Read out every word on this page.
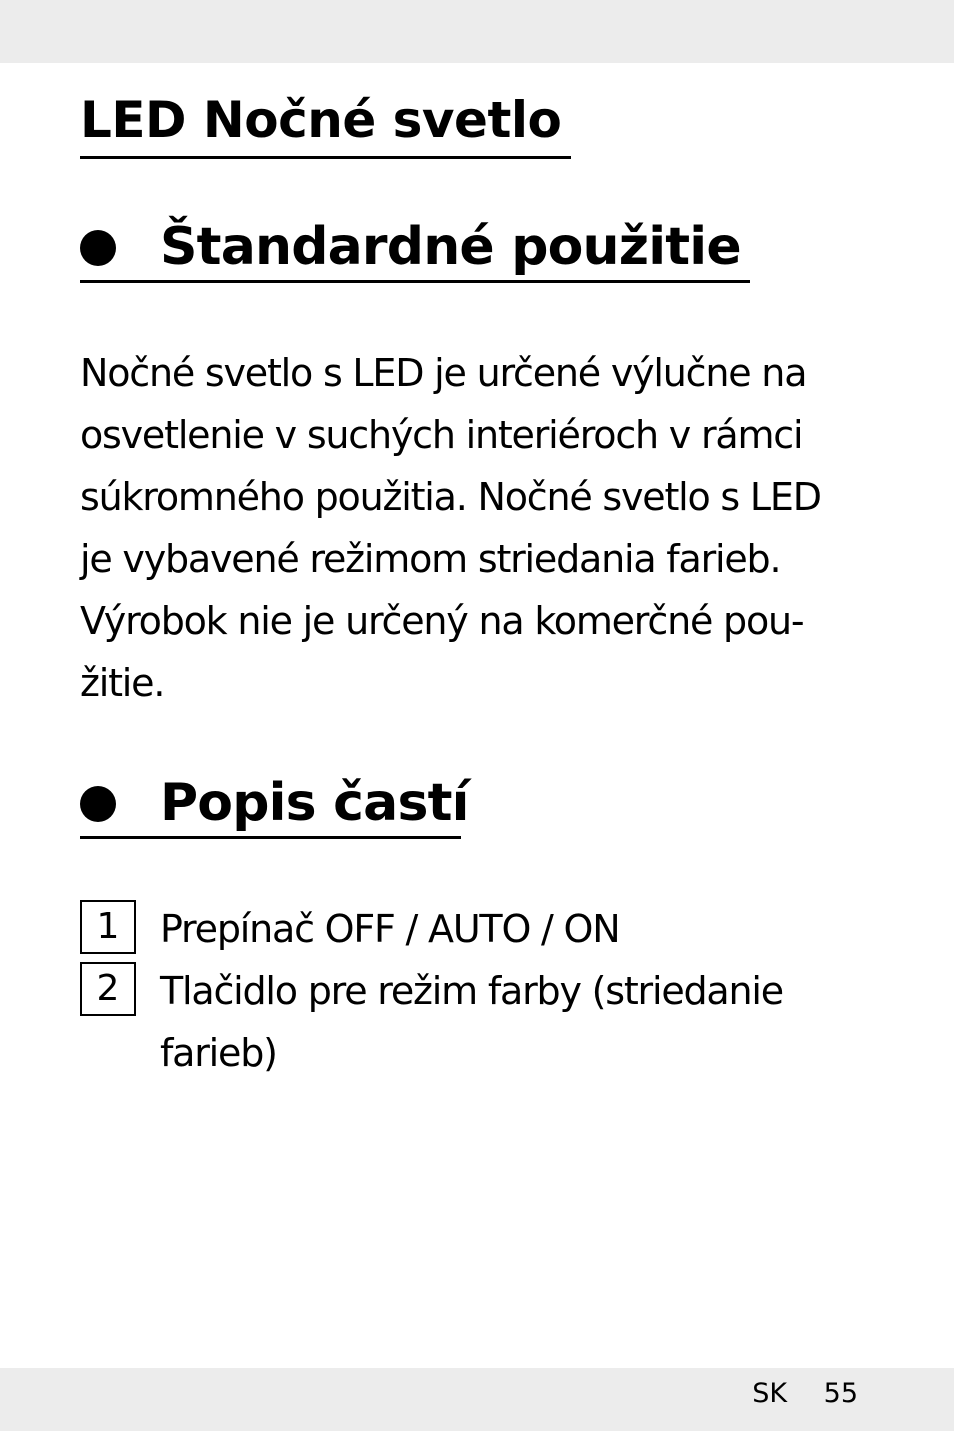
LED Nočné svetlo
Štandardné použitie
Nočné svetlo s LED je určené výlučne na
osvetlenie v suchých interiéroch v rámci
súkromného použitia. Nočné svetlo s LED
je vybavené režimom striedania farieb.
Výrobok nie je určený na komerčné pou-
žitie.
Popis častí
1	Prepínač OFF / AUTO / ON
2	Tlačidlo pre režim farby (striedanie
farieb)
SK 55
